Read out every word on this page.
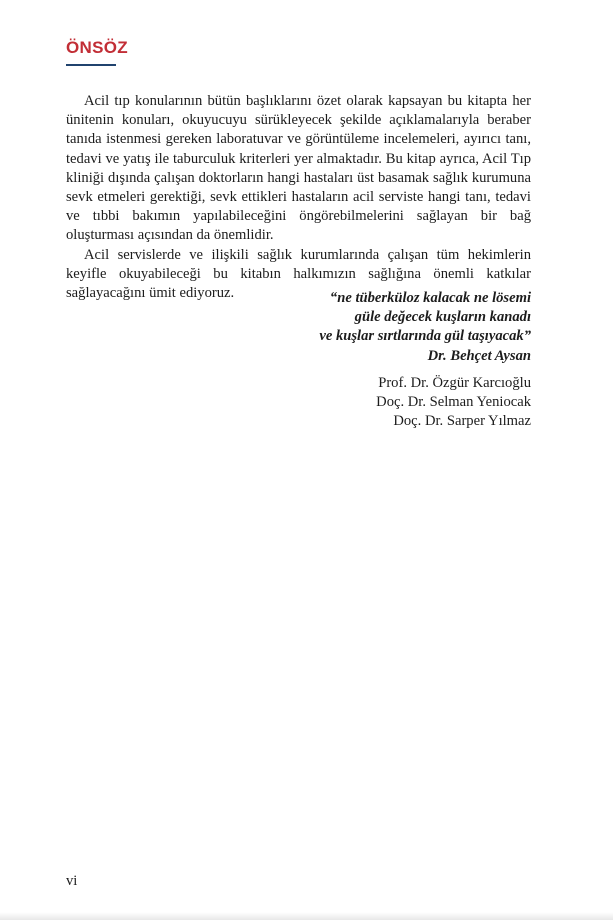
ÖNSÖZ

Acil tıp konularının bütün başlıklarını özet olarak kapsayan bu kitapta her ünitenin konuları, okuyucuyu sürükleyecek şekilde açıklamalarıyla beraber tanıda istenmesi gereken laboratuvar ve görüntüleme incelemeleri, ayırıcı tanı, tedavi ve yatış ile taburculuk kriterleri yer almaktadır. Bu kitap ayrıca, Acil Tıp kliniği dışında çalışan doktorların hangi hastaları üst basamak sağlık kurumuna sevk etmeleri gerektiği, sevk ettikleri hastaların acil serviste hangi tanı, tedavi ve tıbbi bakımın yapılabileceğini öngörebilmelerini sağlayan bir bağ oluşturması açısından da önemlidir.

Acil servislerde ve ilişkili sağlık kurumlarında çalışan tüm hekimlerin keyifle okuyabileceği bu kitabın halkımızın sağlığına önemli katkılar sağlayacağını ümit ediyoruz.	“ne tüberküloz kalacak ne lösemi
güle değecek kuşların kanadı
ve kuşlar sırtlarında gül taşıyacak”
Dr. Behçet Aysan
Prof. Dr. Özgür Karcıoğlu
Doç. Dr. Selman Yeniocak
Doç. Dr. Sarper Yılmaz
vi
